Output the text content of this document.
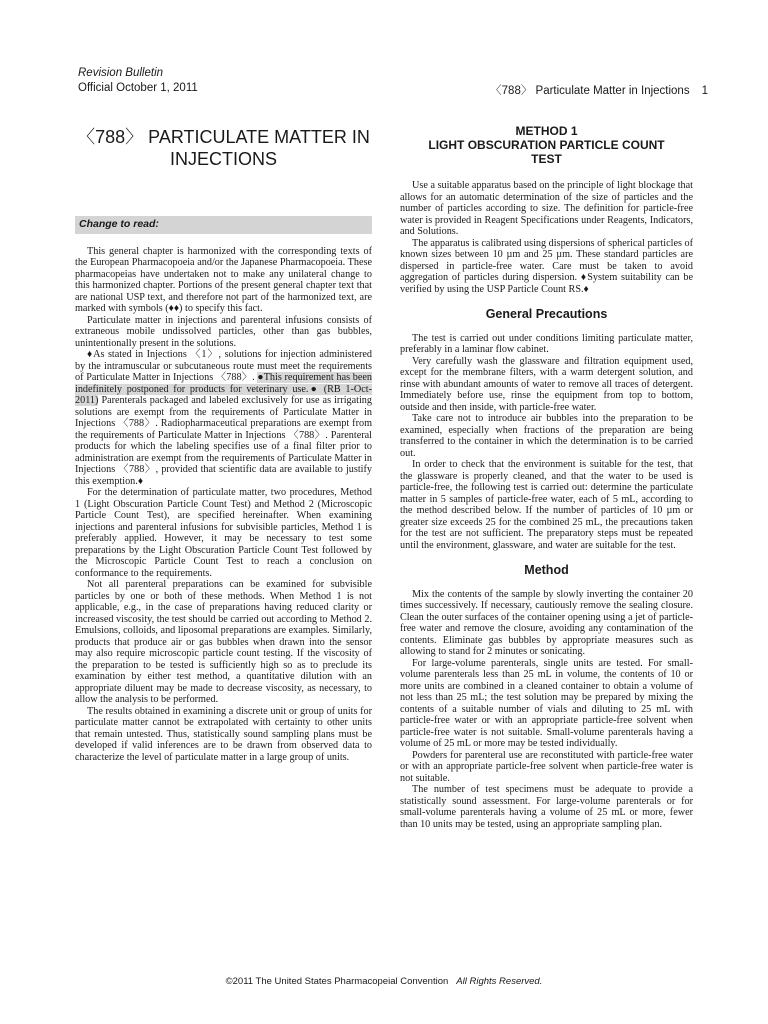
Revision Bulletin
Official October 1, 2011	〈788〉 Particulate Matter in Injections 1
〈788〉 PARTICULATE MATTER IN
INJECTIONS
Change to read:

This general chapter is harmonized with the corresponding texts of the European Pharmacopoeia and/or the Japanese Pharmacopoeia. These pharmacopeias have undertaken not to make any unilateral change to this harmonized chapter. Portions of the present general chapter text that are national USP text, and therefore not part of the harmonized text, are marked with symbols (♦♦) to specify this fact.

Particulate matter in injections and parenteral infusions consists of extraneous mobile undissolved particles, other than gas bubbles, unintentionally present in the solutions.

♦As stated in Injections 〈1〉, solutions for injection administered by the intramuscular or subcutaneous route must meet the requirements of Particulate Matter in Injections 〈788〉. ●This requirement has been indefinitely postponed for products for veterinary use.● (RB 1-Oct-2011) Parenterals packaged and labeled exclusively for use as irrigating solutions are exempt from the requirements of Particulate Matter in Injections 〈788〉. Radiopharmaceutical preparations are exempt from the requirements of Particulate Matter in Injections 〈788〉. Parenteral products for which the labeling specifies use of a final filter prior to administration are exempt from the requirements of Particulate Matter in Injections 〈788〉, provided that scientific data are available to justify this exemption.♦

For the determination of particulate matter, two procedures, Method 1 (Light Obscuration Particle Count Test) and Method 2 (Microscopic Particle Count Test), are specified hereinafter. When examining injections and parenteral infusions for subvisible particles, Method 1 is preferably applied. However, it may be necessary to test some preparations by the Light Obscuration Particle Count Test followed by the Microscopic Particle Count Test to reach a conclusion on conformance to the requirements.

Not all parenteral preparations can be examined for subvisible particles by one or both of these methods. When Method 1 is not applicable, e.g., in the case of preparations having reduced clarity or increased viscosity, the test should be carried out according to Method 2. Emulsions, colloids, and liposomal preparations are examples. Similarly, products that produce air or gas bubbles when drawn into the sensor may also require microscopic particle count testing. If the viscosity of the preparation to be tested is sufficiently high so as to preclude its examination by either test method, a quantitative dilution with an appropriate diluent may be made to decrease viscosity, as necessary, to allow the analysis to be performed.

The results obtained in examining a discrete unit or group of units for particulate matter cannot be extrapolated with certainty to other units that remain untested. Thus, statistically sound sampling plans must be developed if valid inferences are to be drawn from observed data to characterize the level of particulate matter in a large group of units.

METHOD 1
LIGHT OBSCURATION PARTICLE COUNT
TEST

Use a suitable apparatus based on the principle of light blockage that allows for an automatic determination of the size of particles and the number of particles according to size. The definition for particle-free water is provided in Reagent Specifications under Reagents, Indicators, and Solutions.

The apparatus is calibrated using dispersions of spherical particles of known sizes between 10 µm and 25 µm. These standard particles are dispersed in particle-free water. Care must be taken to avoid aggregation of particles during dispersion. ♦System suitability can be verified by using the USP Particle Count RS.♦

General Precautions

The test is carried out under conditions limiting particulate matter, preferably in a laminar flow cabinet.

Very carefully wash the glassware and filtration equipment used, except for the membrane filters, with a warm detergent solution, and rinse with abundant amounts of water to remove all traces of detergent. Immediately before use, rinse the equipment from top to bottom, outside and then inside, with particle-free water.

Take care not to introduce air bubbles into the preparation to be examined, especially when fractions of the preparation are being transferred to the container in which the determination is to be carried out.

In order to check that the environment is suitable for the test, that the glassware is properly cleaned, and that the water to be used is particle-free, the following test is carried out: determine the particulate matter in 5 samples of particle-free water, each of 5 mL, according to the method described below. If the number of particles of 10 µm or greater size exceeds 25 for the combined 25 mL, the precautions taken for the test are not sufficient. The preparatory steps must be repeated until the environment, glassware, and water are suitable for the test.

Method

Mix the contents of the sample by slowly inverting the container 20 times successively. If necessary, cautiously remove the sealing closure. Clean the outer surfaces of the container opening using a jet of particle-free water and remove the closure, avoiding any contamination of the contents. Eliminate gas bubbles by appropriate measures such as allowing to stand for 2 minutes or sonicating.

For large-volume parenterals, single units are tested. For small-volume parenterals less than 25 mL in volume, the contents of 10 or more units are combined in a cleaned container to obtain a volume of not less than 25 mL; the test solution may be prepared by mixing the contents of a suitable number of vials and diluting to 25 mL with particle-free water or with an appropriate particle-free solvent when particle-free water is not suitable. Small-volume parenterals having a volume of 25 mL or more may be tested individually.

Powders for parenteral use are reconstituted with particle-free water or with an appropriate particle-free solvent when particle-free water is not suitable.

The number of test specimens must be adequate to provide a statistically sound assessment. For large-volume parenterals or for small-volume parenterals having a volume of 25 mL or more, fewer than 10 units may be tested, using an appropriate sampling plan.

©2011 The United States Pharmacopeial Convention All Rights Reserved.
